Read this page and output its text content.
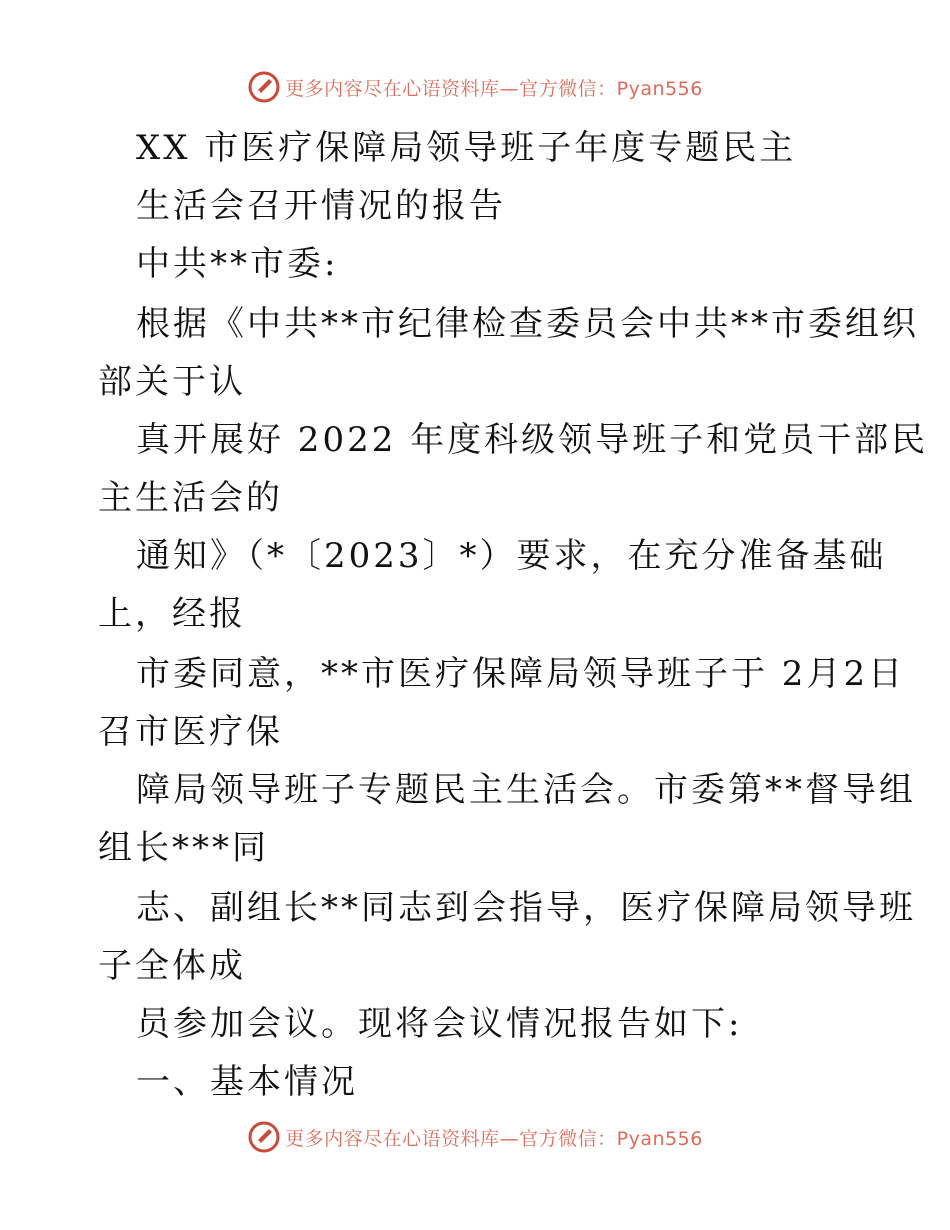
更多内容尽在心语资料库—官方微信：Pyan556
XX 市医疗保障局领导班子年度专题民主
生活会召开情况的报告
中共**市委:
根据《中共**市纪律检查委员会中共**市委组织
部关于认
真开展好 2022 年度科级领导班子和党员干部民
主生活会的
通知》（*〔2023〕*）要求，在充分准备基础
上，经报
市委同意，**市医疗保障局领导班子于 2月2日
召市医疗保
障局领导班子专题民主生活会。市委第**督导组
组长***同
志、副组长**同志到会指导，医疗保障局领导班
子全体成
员参加会议。现将会议情况报告如下:
一、基本情况
更多内容尽在心语资料库—官方微信：Pyan556
